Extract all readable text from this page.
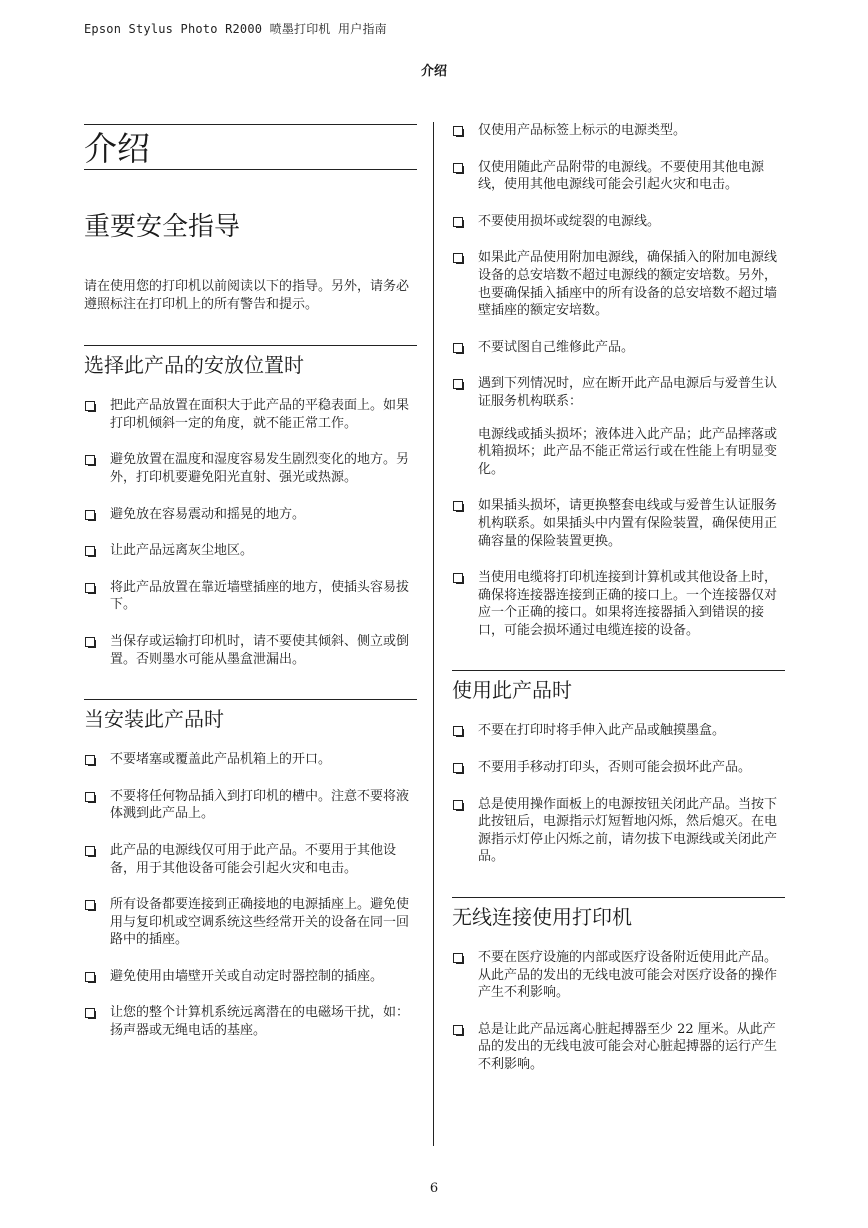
Epson Stylus Photo R2000 喷墨打印机 用户指南
介绍
介绍
重要安全指导

请在使用您的打印机以前阅读以下的指导。另外，请务必遵照标注在打印机上的所有警告和提示。

选择此产品的安放位置时
把此产品放置在面积大于此产品的平稳表面上。如果打印机倾斜一定的角度，就不能正常工作。
避免放置在温度和湿度容易发生剧烈变化的地方。另外，打印机要避免阳光直射、强光或热源。
避免放在容易震动和摇晃的地方。
让此产品远离灰尘地区。
将此产品放置在靠近墙壁插座的地方，使插头容易拔下。
当保存或运输打印机时，请不要使其倾斜、侧立或倒置。否则墨水可能从墨盒泄漏出。
当安装此产品时
不要堵塞或覆盖此产品机箱上的开口。
不要将任何物品插入到打印机的槽中。注意不要将液体溅到此产品上。
此产品的电源线仅可用于此产品。不要用于其他设备，用于其他设备可能会引起火灾和电击。
所有设备都要连接到正确接地的电源插座上。避免使用与复印机或空调系统这些经常开关的设备在同一回路中的插座。
避免使用由墙壁开关或自动定时器控制的插座。
让您的整个计算机系统远离潜在的电磁场干扰，如：扬声器或无绳电话的基座。
仅使用产品标签上标示的电源类型。
仅使用随此产品附带的电源线。不要使用其他电源线，使用其他电源线可能会引起火灾和电击。
不要使用损坏或绽裂的电源线。
如果此产品使用附加电源线，确保插入的附加电源线设备的总安培数不超过电源线的额定安培数。另外，也要确保插入插座中的所有设备的总安培数不超过墙壁插座的额定安培数。
不要试图自己维修此产品。
遇到下列情况时，应在断开此产品电源后与爱普生认证服务机构联系：

电源线或插头损坏；液体进入此产品；此产品摔落或机箱损坏；此产品不能正常运行或在性能上有明显变化。

如果插头损坏，请更换整套电线或与爱普生认证服务机构联系。如果插头中内置有保险装置，确保使用正确容量的保险装置更换。
当使用电缆将打印机连接到计算机或其他设备上时，确保将连接器连接到正确的接口上。一个连接器仅对应一个正确的接口。如果将连接器插入到错误的接口，可能会损坏通过电缆连接的设备。
使用此产品时
不要在打印时将手伸入此产品或触摸墨盒。
不要用手移动打印头，否则可能会损坏此产品。
总是使用操作面板上的电源按钮关闭此产品。当按下此按钮后，电源指示灯短暂地闪烁，然后熄灭。在电源指示灯停止闪烁之前，请勿拔下电源线或关闭此产品。
无线连接使用打印机
不要在医疗设施的内部或医疗设备附近使用此产品。从此产品的发出的无线电波可能会对医疗设备的操作产生不利影响。
总是让此产品远离心脏起搏器至少 22 厘米。从此产品的发出的无线电波可能会对心脏起搏器的运行产生不利影响。
6
